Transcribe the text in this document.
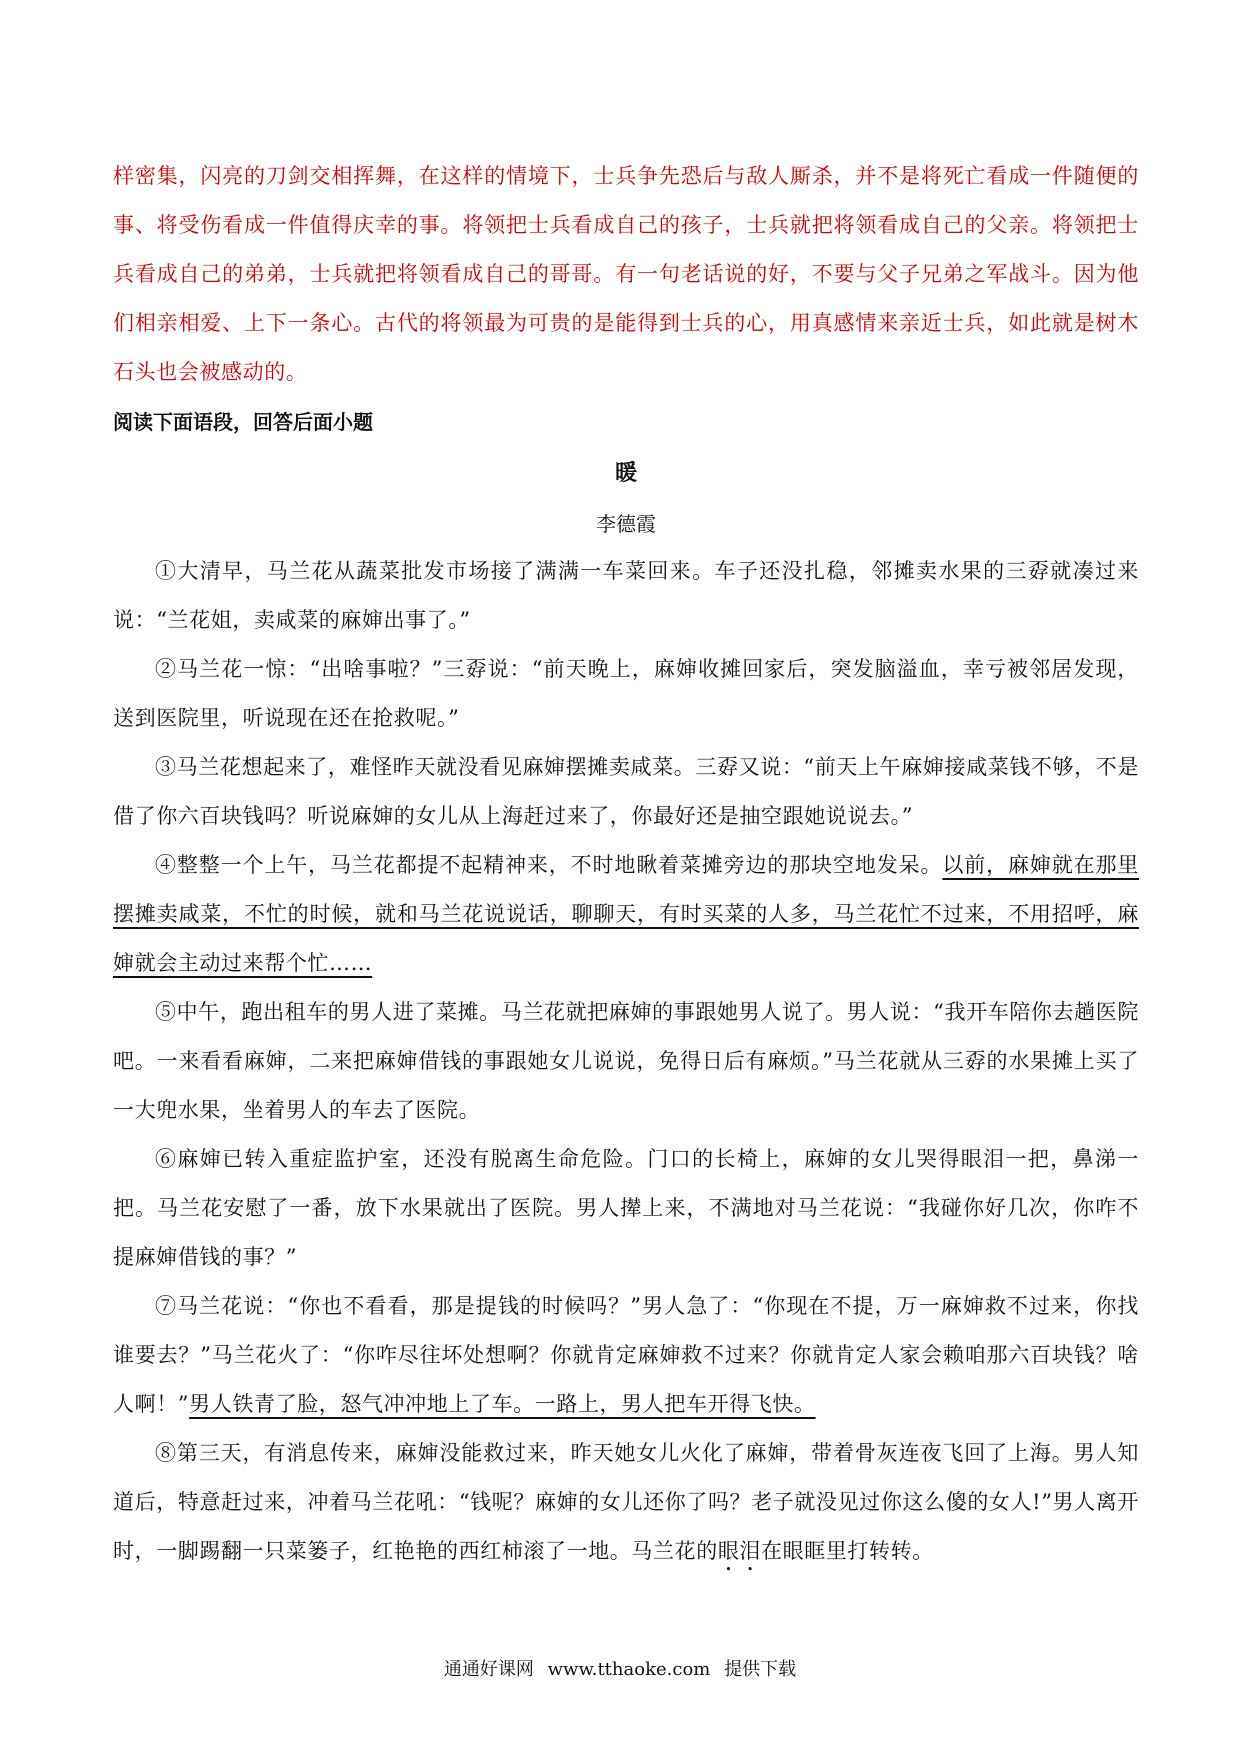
样密集，闪亮的刀剑交相挥舞，在这样的情境下，士兵争先恐后与敌人厮杀，并不是将死亡看成一件随便的事、将受伤看成一件值得庆幸的事。将领把士兵看成自己的孩子，士兵就把将领看成自己的父亲。将领把士兵看成自己的弟弟，士兵就把将领看成自己的哥哥。有一句老话说的好，不要与父子兄弟之军战斗。因为他们相亲相爱、上下一条心。古代的将领最为可贵的是能得到士兵的心，用真感情来亲近士兵，如此就是树木石头也会被感动的。

阅读下面语段，回答后面小题

暖

李德霞

①大清早，马兰花从蔬菜批发市场接了满满一车菜回来。车子还没扎稳，邻摊卖水果的三孬就凑过来说：“兰花姐，卖咸菜的麻婶出事了。”

②马兰花一惊：“出啥事啦？”三孬说：“前天晚上，麻婶收摊回家后，突发脑溢血，幸亏被邻居发现，送到医院里，听说现在还在抢救呢。”

③马兰花想起来了，难怪昨天就没看见麻婶摆摊卖咸菜。三孬又说：“前天上午麻婶接咸菜钱不够，不是借了你六百块钱吗？听说麻婶的女儿从上海赶过来了，你最好还是抽空跟她说说去。”

④整整一个上午，马兰花都提不起精神来，不时地瞅着菜摊旁边的那块空地发呆。以前，麻婶就在那里摆摊卖咸菜，不忙的时候，就和马兰花说说话，聊聊天，有时买菜的人多，马兰花忙不过来，不用招呼，麻婶就会主动过来帮个忙……

⑤中午，跑出租车的男人进了菜摊。马兰花就把麻婶的事跟她男人说了。男人说：“我开车陪你去趟医院吧。一来看看麻婶，二来把麻婶借钱的事跟她女儿说说，免得日后有麻烦。”马兰花就从三孬的水果摊上买了一大兜水果，坐着男人的车去了医院。

⑥麻婶已转入重症监护室，还没有脱离生命危险。门口的长椅上，麻婶的女儿哭得眼泪一把，鼻涕一把。马兰花安慰了一番，放下水果就出了医院。男人撵上来，不满地对马兰花说：“我碰你好几次，你咋不提麻婶借钱的事？”

⑦马兰花说：“你也不看看，那是提钱的时候吗？”男人急了：“你现在不提，万一麻婶救不过来，你找谁要去？”马兰花火了：“你咋尽往坏处想啊？你就肯定麻婶救不过来？你就肯定人家会赖咱那六百块钱？啥人啊！”男人铁青了脸，怒气冲冲地上了车。一路上，男人把车开得飞快。

⑧第三天，有消息传来，麻婶没能救过来，昨天她女儿火化了麻婶，带着骨灰连夜飞回了上海。男人知道后，特意赶过来，冲着马兰花吼：“钱呢？麻婶的女儿还你了吗？老子就没见过你这么傻的女人!”男人离开时，一脚踢翻一只菜篓子，红艳艳的西红柿滚了一地。马兰花的眼泪在眼眶里打转转。

通通好课网 www.tthaoke.com 提供下载
